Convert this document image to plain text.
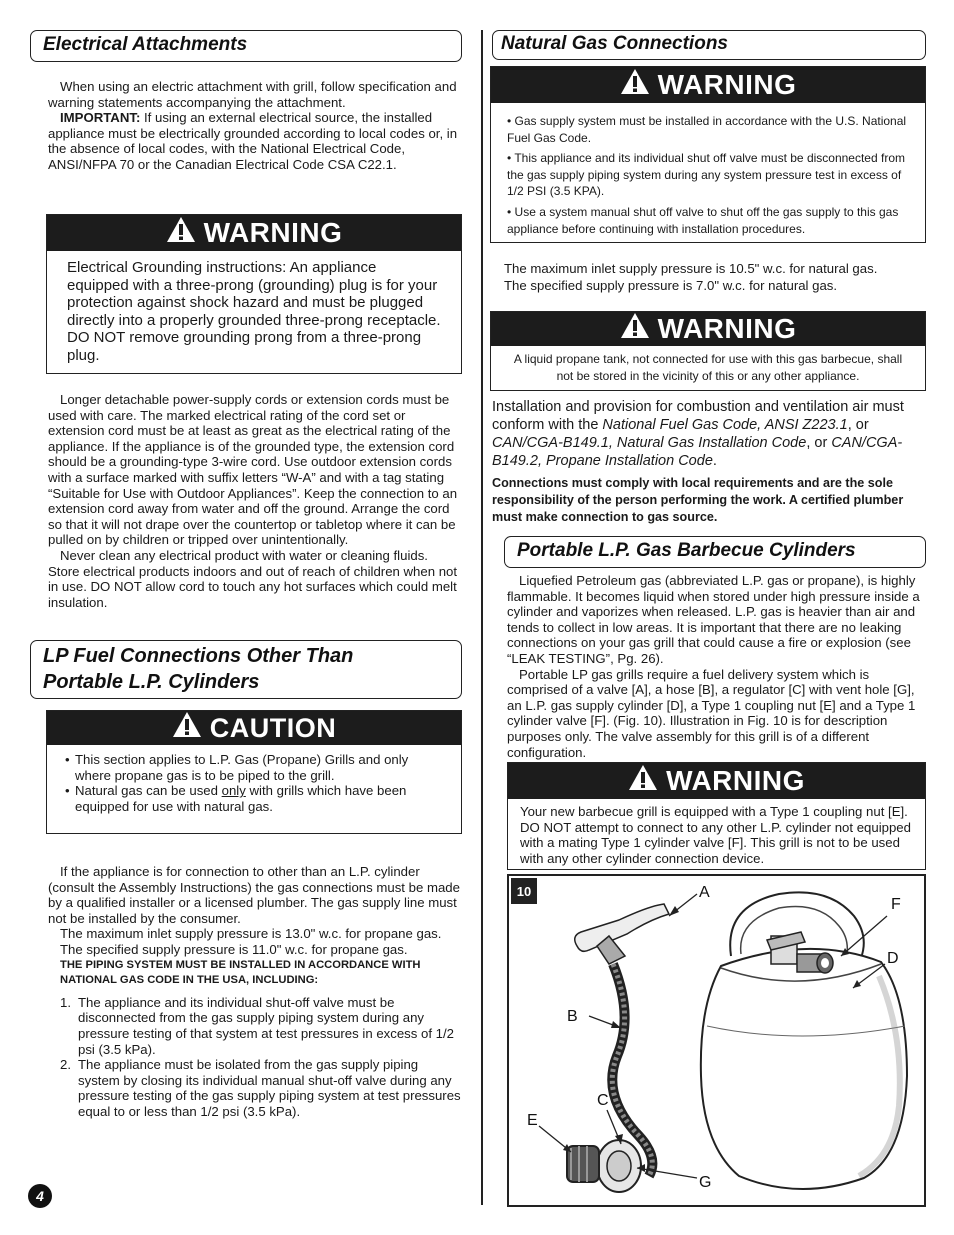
Electrical Attachments

When using an electric attachment with grill, follow specification and warning statements accompanying the attachment.

IMPORTANT: If using an external electrical source, the installed appliance must be electrically grounded according to local codes or, in the absence of local codes, with the National Electrical Code, ANSI/NFPA 70 or the Canadian Electrical Code CSA C22.1.

WARNING
Electrical Grounding instructions: An appliance equipped with a three-prong (grounding) plug is for your protection against shock hazard and must be plugged directly into a properly grounded three-prong receptacle. DO NOT remove grounding prong from a three-prong plug.

Longer detachable power-supply cords or extension cords must be used with care. The marked electrical rating of the cord set or extension cord must be at least as great as the electrical rating of the appliance. If the appliance is of the grounded type, the extension cord should be a grounding-type 3-wire cord. Use outdoor extension cords with a surface marked with suffix letters “W-A” and with a tag stating “Suitable for Use with Outdoor Appliances”. Keep the connection to an extension cord away from water and off the ground. Arrange the cord so that it will not drape over the countertop or tabletop where it can be pulled on by children or tripped over unintentionally.

Never clean any electrical product with water or cleaning fluids. Store electrical products indoors and out of reach of children when not in use. DO NOT allow cord to touch any hot surfaces which could melt insulation.

LP Fuel Connections Other Than
Portable L.P. Cylinders
CAUTION
• This section applies to L.P. Gas (Propane) Grills and only where propane gas is to be piped to the grill.
• Natural gas can be used only with grills which have been equipped for use with natural gas.

If the appliance is for connection to other than an L.P. cylinder (consult the Assembly Instructions) the gas connections must be made by a qualified installer or a licensed plumber. The gas supply line must not be installed by the consumer.

The maximum inlet supply pressure is 13.0" w.c. for propane gas.

The specified supply pressure is 11.0" w.c. for propane gas.

THE PIPING SYSTEM MUST BE INSTALLED IN ACCORDANCE WITH NATIONAL GAS CODE IN THE USA, INCLUDING:

1. The appliance and its individual shut-off valve must be disconnected from the gas supply piping system during any pressure testing of that system at test pressures in excess of 1/2 psi (3.5 kPa).
2. The appliance must be isolated from the gas supply piping system by closing its individual manual shut-off valve during any pressure testing of the gas supply piping system at test pressures equal to or less than 1/2 psi (3.5 kPa).
4
Natural Gas Connections
WARNING

• Gas supply system must be installed in accordance with the U.S. National Fuel Gas Code.

• This appliance and its individual shut off valve must be disconnected from the gas supply piping system during any system pressure test in excess of 1/2 PSI (3.5 KPA).

• Use a system manual shut off valve to shut off the gas supply to this gas appliance before continuing with installation procedures.

The maximum inlet supply pressure is 10.5" w.c. for natural gas.

The specified supply pressure is 7.0" w.c. for natural gas.

WARNING
A liquid propane tank, not connected for use with this gas barbecue, shall not be stored in the vicinity of this or any other appliance.

Installation and provision for combustion and ventilation air must conform with the National Fuel Gas Code, ANSI Z223.1, or CAN/CGA-B149.1, Natural Gas Installation Code, or CAN/CGA-B149.2, Propane Installation Code.

Connections must comply with local requirements and are the sole responsibility of the person performing the work. A certified plumber must make connection to gas source.

Portable L.P. Gas Barbecue Cylinders

Liquefied Petroleum gas (abbreviated L.P. gas or propane), is highly flammable. It becomes liquid when stored under high pressure inside a cylinder and vaporizes when released. L.P. gas is heavier than air and tends to collect in low areas. It is important that there are no leaking connections on your gas grill that could cause a fire or explosion (see “LEAK TESTING”, Pg. 26).

Portable LP gas grills require a fuel delivery system which is comprised of a valve [A], a hose [B], a regulator [C] with vent hole [G], an L.P. gas supply cylinder [D], a Type 1 coupling nut [E] and a Type 1 cylinder valve [F]. (Fig. 10). Illustration in Fig. 10 is for description purposes only. The valve assembly for this grill is of a different configuration.

WARNING
Your new barbecue grill is equipped with a Type 1 coupling nut [E]. DO NOT attempt to connect to any other L.P. cylinder not equipped with a mating Type 1 cylinder valve [F]. This grill is not to be used with any other cylinder connection device.
10	A
F
D
B
C
E
G
